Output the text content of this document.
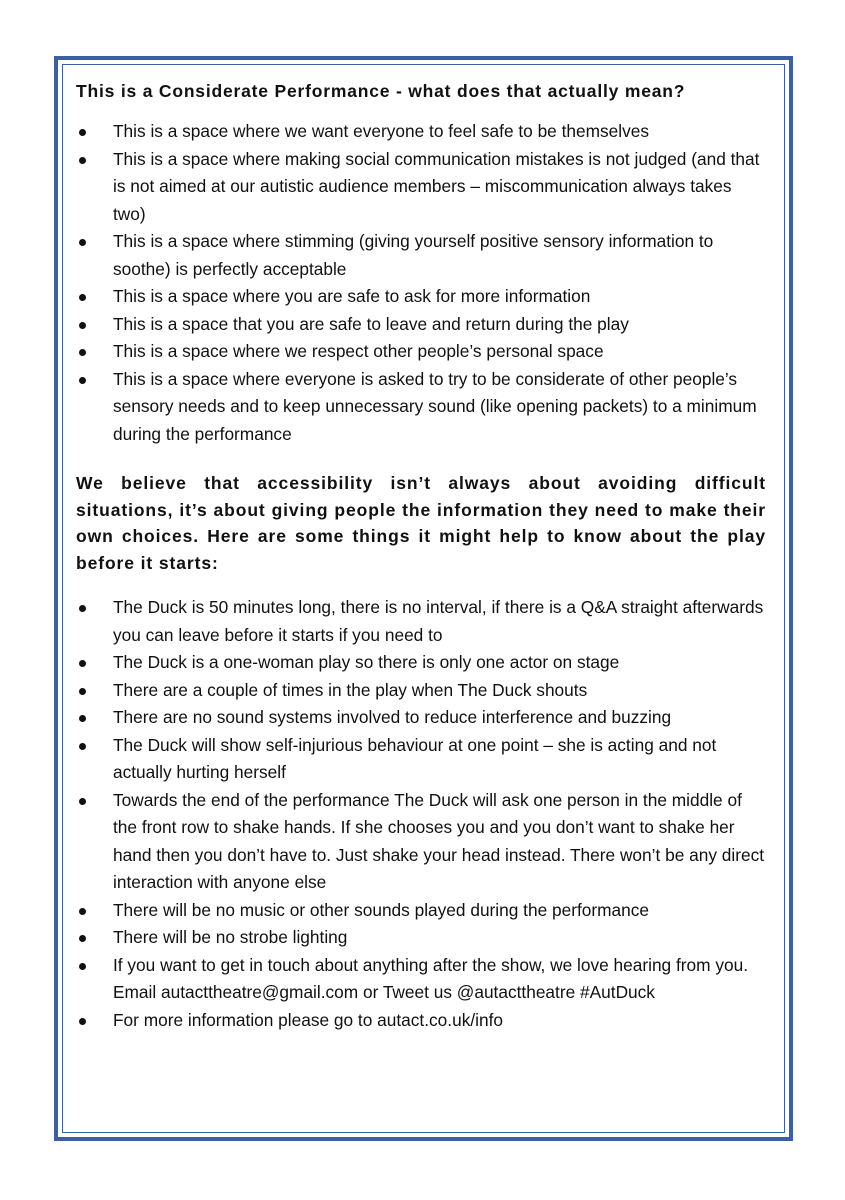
This is a Considerate Performance - what does that actually mean?
This is a space where we want everyone to feel safe to be themselves
This is a space where making social communication mistakes is not judged (and that is not aimed at our autistic audience members – miscommunication always takes two)
This is a space where stimming (giving yourself positive sensory information to soothe) is perfectly acceptable
This is a space where you are safe to ask for more information
This is a space that you are safe to leave and return during the play
This is a space where we respect other people’s personal space
This is a space where everyone is asked to try to be considerate of other people’s sensory needs and to keep unnecessary sound (like opening packets) to a minimum during the performance
We believe that accessibility isn’t always about avoiding difficult situations, it’s about giving people the information they need to make their own choices. Here are some things it might help to know about the play before it starts:
The Duck is 50 minutes long, there is no interval, if there is a Q&A straight afterwards you can leave before it starts if you need to
The Duck is a one-woman play so there is only one actor on stage
There are a couple of times in the play when The Duck shouts
There are no sound systems involved to reduce interference and buzzing
The Duck will show self-injurious behaviour at one point – she is acting and not actually hurting herself
Towards the end of the performance The Duck will ask one person in the middle of the front row to shake hands. If she chooses you and you don’t want to shake her hand then you don’t have to. Just shake your head instead. There won’t be any direct interaction with anyone else
There will be no music or other sounds played during the performance
There will be no strobe lighting
If you want to get in touch about anything after the show, we love hearing from you.
Email autacttheatre@gmail.com or Tweet us @autacttheatre #AutDuck
For more information please go to autact.co.uk/info
